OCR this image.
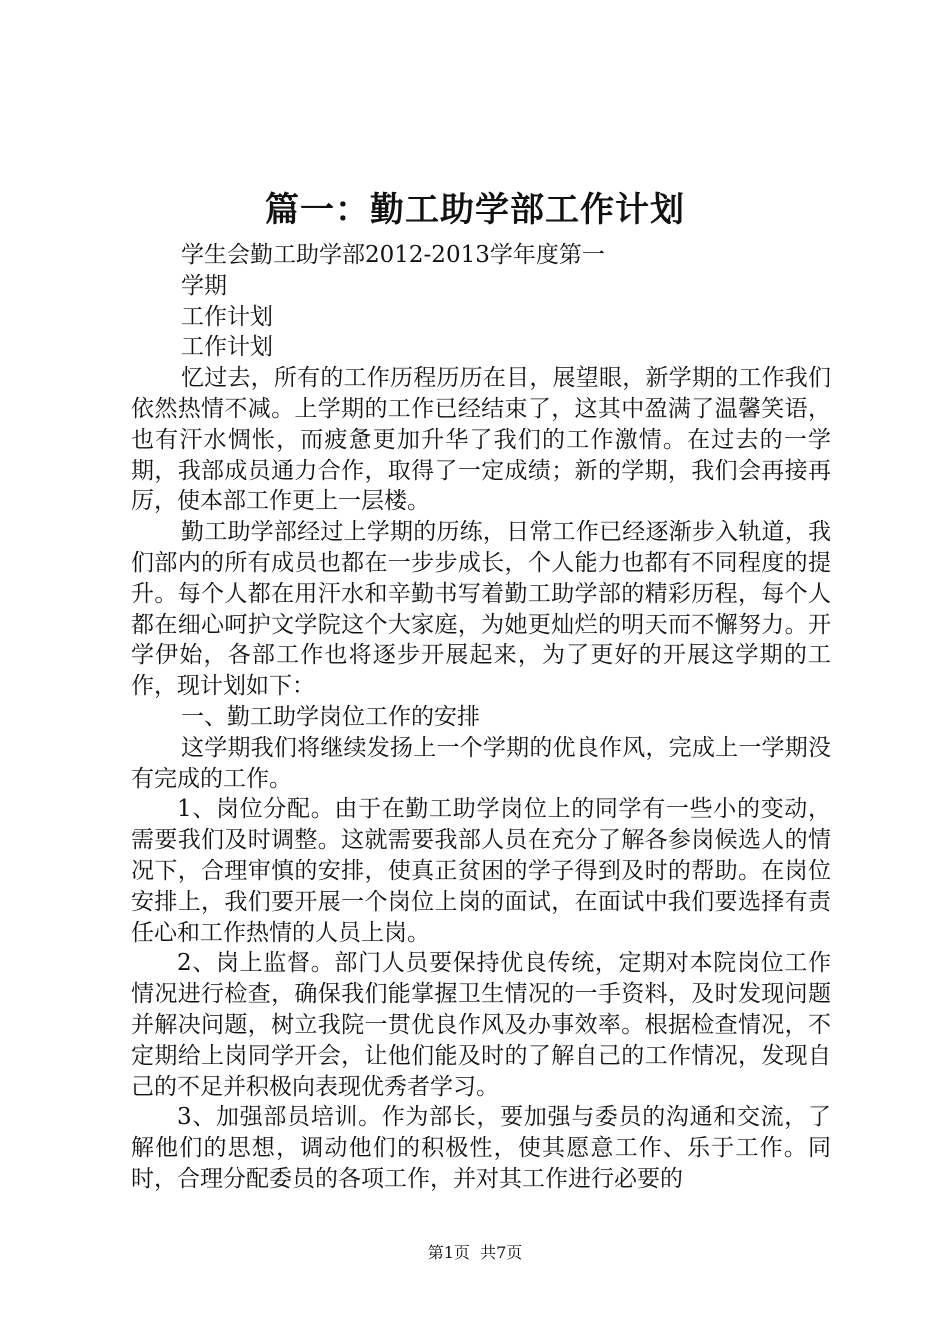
篇一：勤工助学部工作计划

学生会勤工助学部2012-2013学年度第一

学期

工作计划

工作计划

忆过去，所有的工作历程历历在目，展望眼，新学期的工作我们依然热情不减。上学期的工作已经结束了，这其中盈满了温馨笑语，也有汗水惆怅，而疲惫更加升华了我们的工作激情。在过去的一学期，我部成员通力合作，取得了一定成绩；新的学期，我们会再接再厉，使本部工作更上一层楼。

勤工助学部经过上学期的历练，日常工作已经逐渐步入轨道，我们部内的所有成员也都在一步步成长，个人能力也都有不同程度的提升。每个人都在用汗水和辛勤书写着勤工助学部的精彩历程，每个人都在细心呵护文学院这个大家庭，为她更灿烂的明天而不懈努力。开学伊始，各部工作也将逐步开展起来，为了更好的开展这学期的工作，现计划如下：

一、勤工助学岗位工作的安排

这学期我们将继续发扬上一个学期的优良作风，完成上一学期没有完成的工作。

1、岗位分配。由于在勤工助学岗位上的同学有一些小的变动，需要我们及时调整。这就需要我部人员在充分了解各参岗候选人的情况下，合理审慎的安排，使真正贫困的学子得到及时的帮助。在岗位安排上，我们要开展一个岗位上岗的面试，在面试中我们要选择有责任心和工作热情的人员上岗。

2、岗上监督。部门人员要保持优良传统，定期对本院岗位工作情况进行检查，确保我们能掌握卫生情况的一手资料，及时发现问题并解决问题，树立我院一贯优良作风及办事效率。根据检查情况，不定期给上岗同学开会，让他们能及时的了解自己的工作情况，发现自己的不足并积极向表现优秀者学习。

3、加强部员培训。作为部长，要加强与委员的沟通和交流，了解他们的思想，调动他们的积极性，使其愿意工作、乐于工作。同时，合理分配委员的各项工作，并对其工作进行必要的

第1页 共7页
